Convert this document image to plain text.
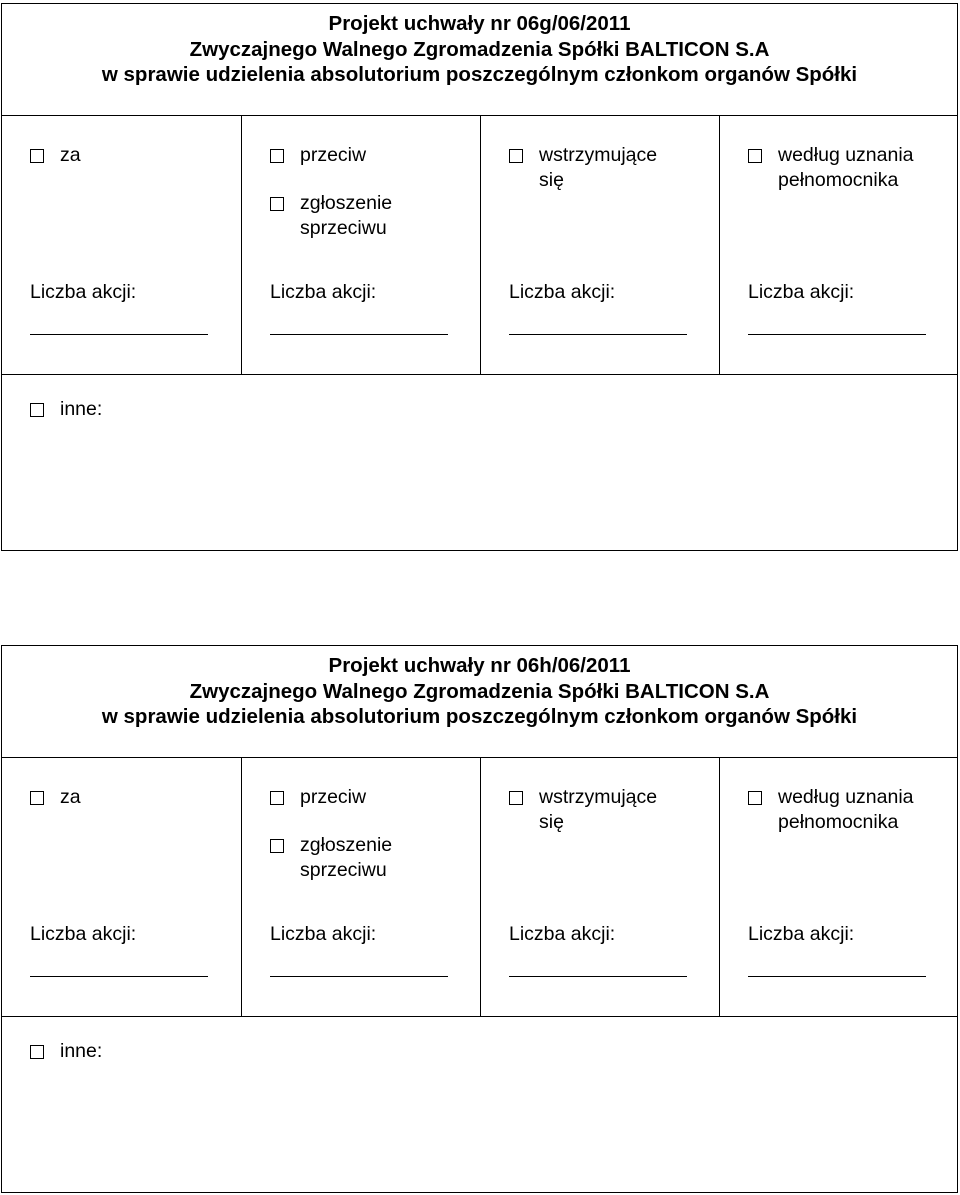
Projekt uchwały nr 06g/06/2011
Zwyczajnego Walnego Zgromadzenia Spółki BALTICON S.A
w sprawie udzielenia absolutorium poszczególnym członkom organów Spółki
za
Liczba akcji:
przeciw
zgłoszenie
sprzeciwu
Liczba akcji:
wstrzymujące
się
Liczba akcji:
według uznania
pełnomocnika
Liczba akcji:
inne:
Projekt uchwały nr 06h/06/2011
Zwyczajnego Walnego Zgromadzenia Spółki BALTICON S.A
w sprawie udzielenia absolutorium poszczególnym członkom organów Spółki
za
Liczba akcji:
przeciw
zgłoszenie
sprzeciwu
Liczba akcji:
wstrzymujące
się
Liczba akcji:
według uznania
pełnomocnika
Liczba akcji:
inne:
